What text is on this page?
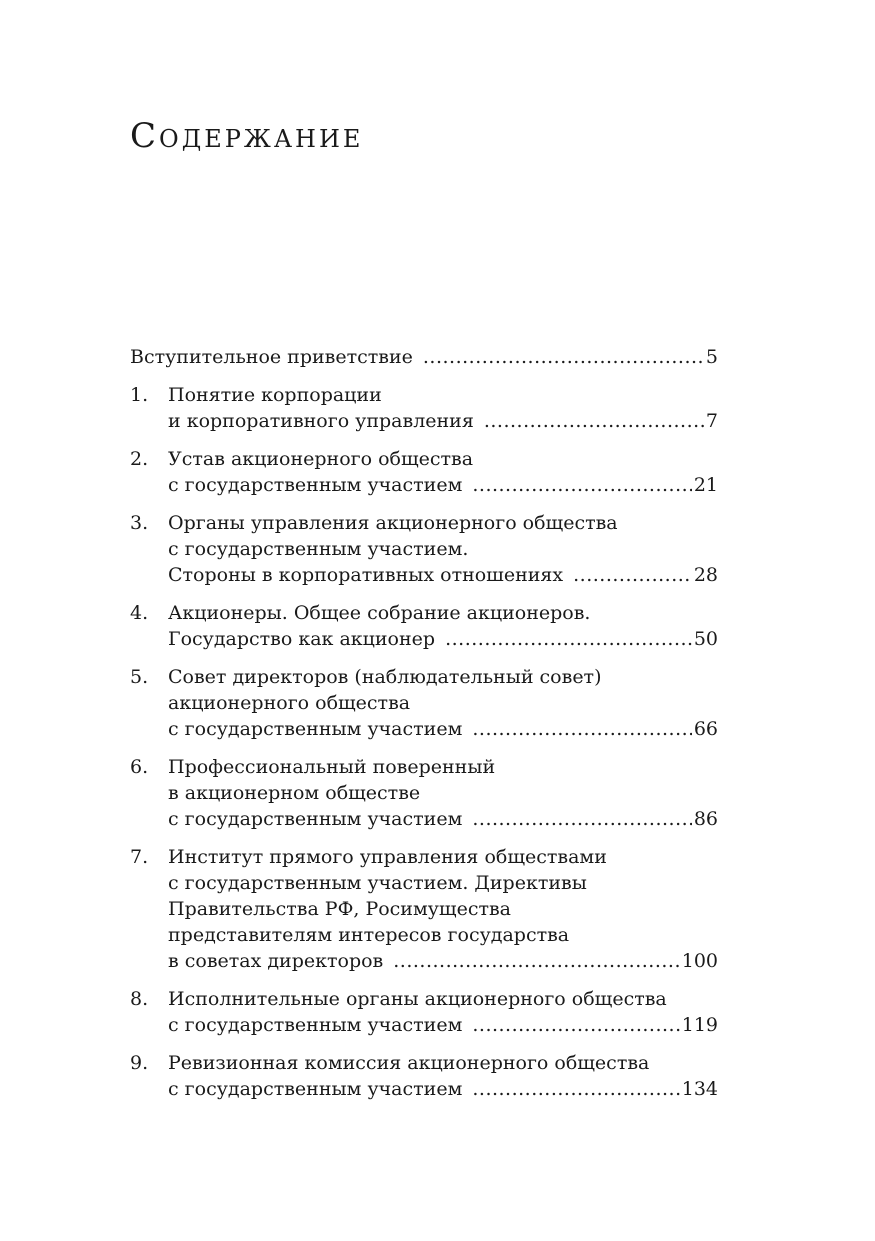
Содержание
Вступительное приветствие .....	5
1.	Понятие корпорации
и корпоративного управления .....	7
2.	Устав акционерного общества
с государственным участием .....	21
3.	Органы управления акционерного общества
с государственным участием.
Стороны в корпоративных отношениях .....	28
4.	Акционеры. Общее собрание акционеров.
Государство как акционер .....	50
5.	Совет директоров (наблюдательный совет)
акционерного общества
с государственным участием .....	66
6.	Профессиональный поверенный
в акционерном обществе
с государственным участием .....	86
7.	Институт прямого управления обществами
с государственным участием. Директивы
Правительства РФ, Росимущества
представителям интересов государства
в советах директоров .....	100
8.	Исполнительные органы акционерного общества
с государственным участием .....	119
9.	Ревизионная комиссия акционерного общества
с государственным участием .....	134
